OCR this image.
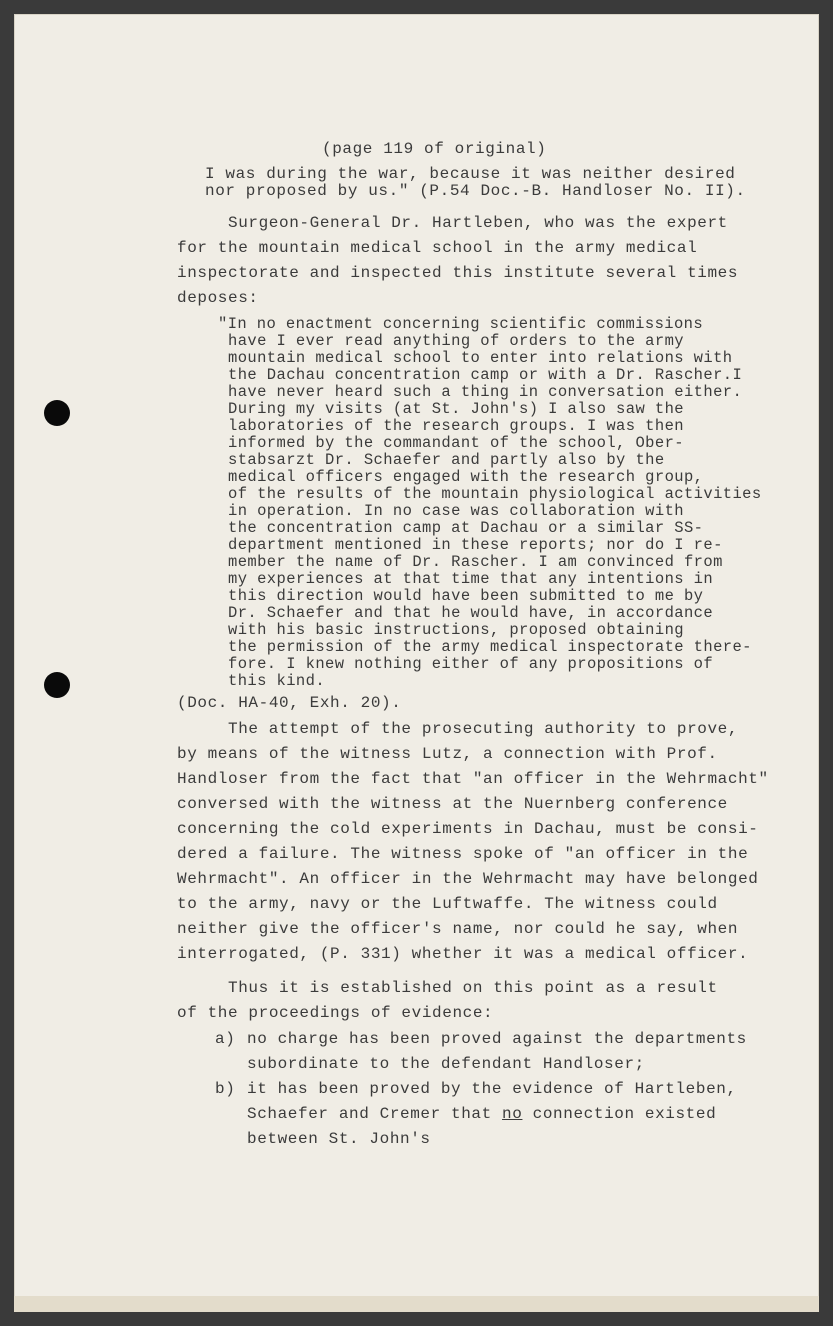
(page 119 of original)
I was during the war, because it was neither desired
nor proposed by us." (P.54 Doc.-B. Handloser No. II).
Surgeon-General Dr. Hartleben, who was the expert
for the mountain medical school in the army medical
inspectorate and inspected this institute several times
deposes:
"In no enactment concerning scientific commissions
have I ever read anything of orders to the army
mountain medical school to enter into relations with
the Dachau concentration camp or with a Dr. Rascher.I
have never heard such a thing in conversation either.
During my visits (at St. John's) I also saw the
laboratories of the research groups. I was then
informed by the commandant of the school, Ober-
stabsarzt Dr. Schaefer and partly also by the
medical officers engaged with the research group,
of the results of the mountain physiological activities
in operation. In no case was collaboration with
the concentration camp at Dachau or a similar SS-
department mentioned in these reports; nor do I re-
member the name of Dr. Rascher. I am convinced from
my experiences at that time that any intentions in
this direction would have been submitted to me by
Dr. Schaefer and that he would have, in accordance
with his basic instructions, proposed obtaining
the permission of the army medical inspectorate there-
fore. I knew nothing either of any propositions of
this kind.
(Doc. HA-40, Exh. 20).
The attempt of the prosecuting authority to prove,
by means of the witness Lutz, a connection with Prof.
Handloser from the fact that "an officer in the Wehrmacht"
conversed with the witness at the Nuernberg conference
concerning the cold experiments in Dachau, must be consi-
dered a failure. The witness spoke of "an officer in the
Wehrmacht". An officer in the Wehrmacht may have belonged
to the army, navy or the Luftwaffe. The witness could
neither give the officer's name, nor could he say, when
interrogated, (P. 331) whether it was a medical officer.
Thus it is established on this point as a result
of the proceedings of evidence:
a) no charge has been proved against the departments
subordinate to the defendant Handloser;
b) it has been proved by the evidence of Hartleben,
Schaefer and Cremer that no connection existed
between St. John's
